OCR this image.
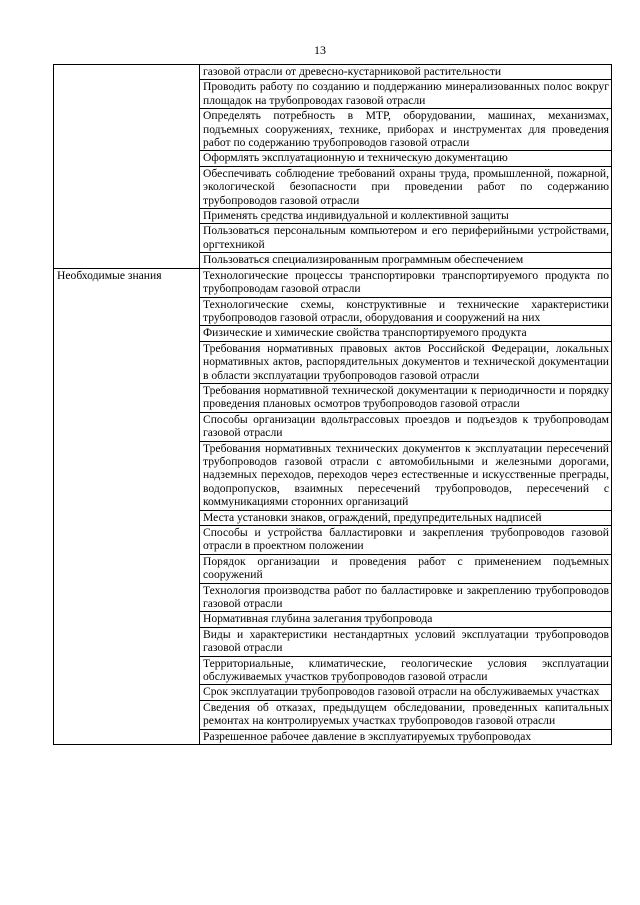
13
	газовой отрасли от древесно-кустарниковой растительности
	Проводить работу по созданию и поддержанию минерализованных полос вокруг площадок на трубопроводах газовой отрасли
	Определять потребность в МТР, оборудовании, машинах, механизмах, подъемных сооружениях, технике, приборах и инструментах для проведения работ по содержанию трубопроводов газовой отрасли
	Оформлять эксплуатационную и техническую документацию
	Обеспечивать соблюдение требований охраны труда, промышленной, пожарной, экологической безопасности при проведении работ по содержанию трубопроводов газовой отрасли
	Применять средства индивидуальной и коллективной защиты
	Пользоваться персональным компьютером и его периферийными устройствами, оргтехникой
	Пользоваться специализированным программным обеспечением
Необходимые знания	Технологические процессы транспортировки транспортируемого продукта по трубопроводам газовой отрасли
	Технологические схемы, конструктивные и технические характеристики трубопроводов газовой отрасли, оборудования и сооружений на них
	Физические и химические свойства транспортируемого продукта
	Требования нормативных правовых актов Российской Федерации, локальных нормативных актов, распорядительных документов и технической документации в области эксплуатации трубопроводов газовой отрасли
	Требования нормативной технической документации к периодичности и порядку проведения плановых осмотров трубопроводов газовой отрасли
	Способы организации вдольтрассовых проездов и подъездов к трубопроводам газовой отрасли
	Требования нормативных технических документов к эксплуатации пересечений трубопроводов газовой отрасли с автомобильными и железными дорогами, надземных переходов, переходов через естественные и искусственные преграды, водопропусков, взаимных пересечений трубопроводов, пересечений с коммуникациями сторонних организаций
	Места установки знаков, ограждений, предупредительных надписей
	Способы и устройства балластировки и закрепления трубопроводов газовой отрасли в проектном положении
	Порядок организации и проведения работ с применением подъемных сооружений
	Технология производства работ по балластировке и закреплению трубопроводов газовой отрасли
	Нормативная глубина залегания трубопровода
	Виды и характеристики нестандартных условий эксплуатации трубопроводов газовой отрасли
	Территориальные, климатические, геологические условия эксплуатации обслуживаемых участков трубопроводов газовой отрасли
	Срок эксплуатации трубопроводов газовой отрасли на обслуживаемых участках
	Сведения об отказах, предыдущем обследовании, проведенных капитальных ремонтах на контролируемых участках трубопроводов газовой отрасли
	Разрешенное рабочее давление в эксплуатируемых трубопроводах
